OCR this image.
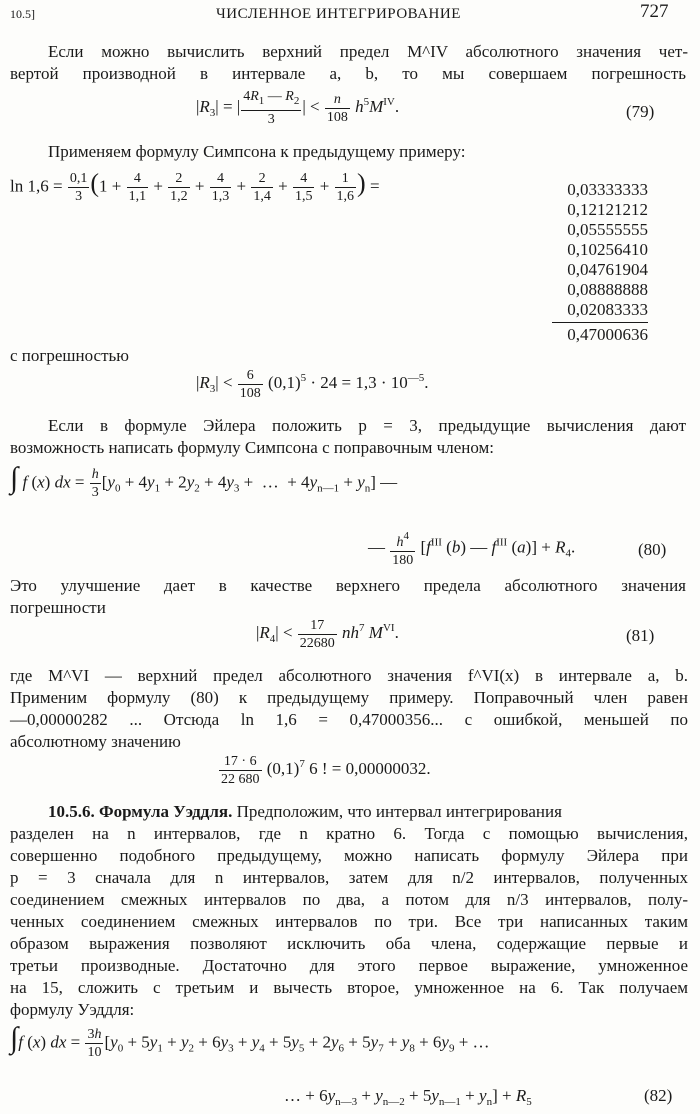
10.5]	ЧИСЛЕННОЕ ИНТЕГРИРОВАНИЕ	727
Если можно вычислить верхний предел M^IV абсолютного значения чет-
вертой производной в интервале a, b, то мы совершаем погрешность
$|R_3|$ = | $\frac{4R_1 — R_2}{3}$ | < $\frac{n}{108} h^5M^{IV}$.	(79)
Применяем формулу Симпсона к предыдущему примеру:
$\ln 1,6 = \frac{0,1}{3} (1 + \frac{4}{1,1} + \frac{2}{1,2} + \frac{4}{1,3} + \frac{2}{1,4} + \frac{4}{1,5} + \frac{1}{1,6}$ ) =	0,03333333
0,12121212
0,05555555
0,10256410
0,04761904
0,08888888
0,02083333
0,47000636
с погрешностью
$|R_3| < \frac{6}{108} (0,1)^5 \cdot 24 = 1,3 \cdot 10^{—5}$.
Если в формуле Эйлера положить p = 3, предыдущие вычисления дают
возможность написать формулу Симпсона с поправочным членом:
∫ f (x) dx = $\frac{h}{3} [y_0 + 4y_1 + 2y_2 + 4y_3$ +  …  + $4y_{n—1} + y_n$] —
— $\frac{h^4}{180} [f^{III}$ (b) — $f^{III}$ $(a)] + R_4$.	(80)
Это улучшение дает в качестве верхнего предела абсолютного значения
погрешности
$|R_4| < \frac{17}{22680} nh^7$ $M^{VI}$.	(81)
где M^VI — верхний предел абсолютного значения f^VI(x) в интервале a, b.
Применим формулу (80) к предыдущему примеру. Поправочный член равен
—0,00000282 ... Отсюда ln 1,6 = 0,47000356... с ошибкой, меньшей по
абсолютному значению
$\frac{17 \cdot 6}{22 680} (0,1)^7$ 6 ! = 0,00000032.
10.5.6. Формула Уэддля. Предположим, что интервал интегрирования
разделен на n интервалов, где n кратно 6. Тогда с помощью вычисления,
совершенно подобного предыдущему, можно написать формулу Эйлера при
p = 3 сначала для n интервалов, затем для n/2 интервалов, полученных
соединением смежных интервалов по два, а потом для n/3 интервалов, полу-
ченных соединением смежных интервалов по три. Все три написанных таким
образом выражения позволяют исключить оба члена, содержащие первые и
третьи производные. Достаточно для этого первое выражение, умноженное
на 15, сложить с третьим и вычесть второе, умноженное на 6. Так получаем
формулу Уэддля:
∫f (x) dx = $\frac{3h}{10} [y_0 + 5y_1 + y_2 + 6y_3 + y_4 + 5y_5 + 2y_6 + 5y_7 + y_8 + 6y_9$ + …
… + $6y_{n—3} + y_{n—2} + 5y_{n—1} + y_n] + R_5$	(82)
